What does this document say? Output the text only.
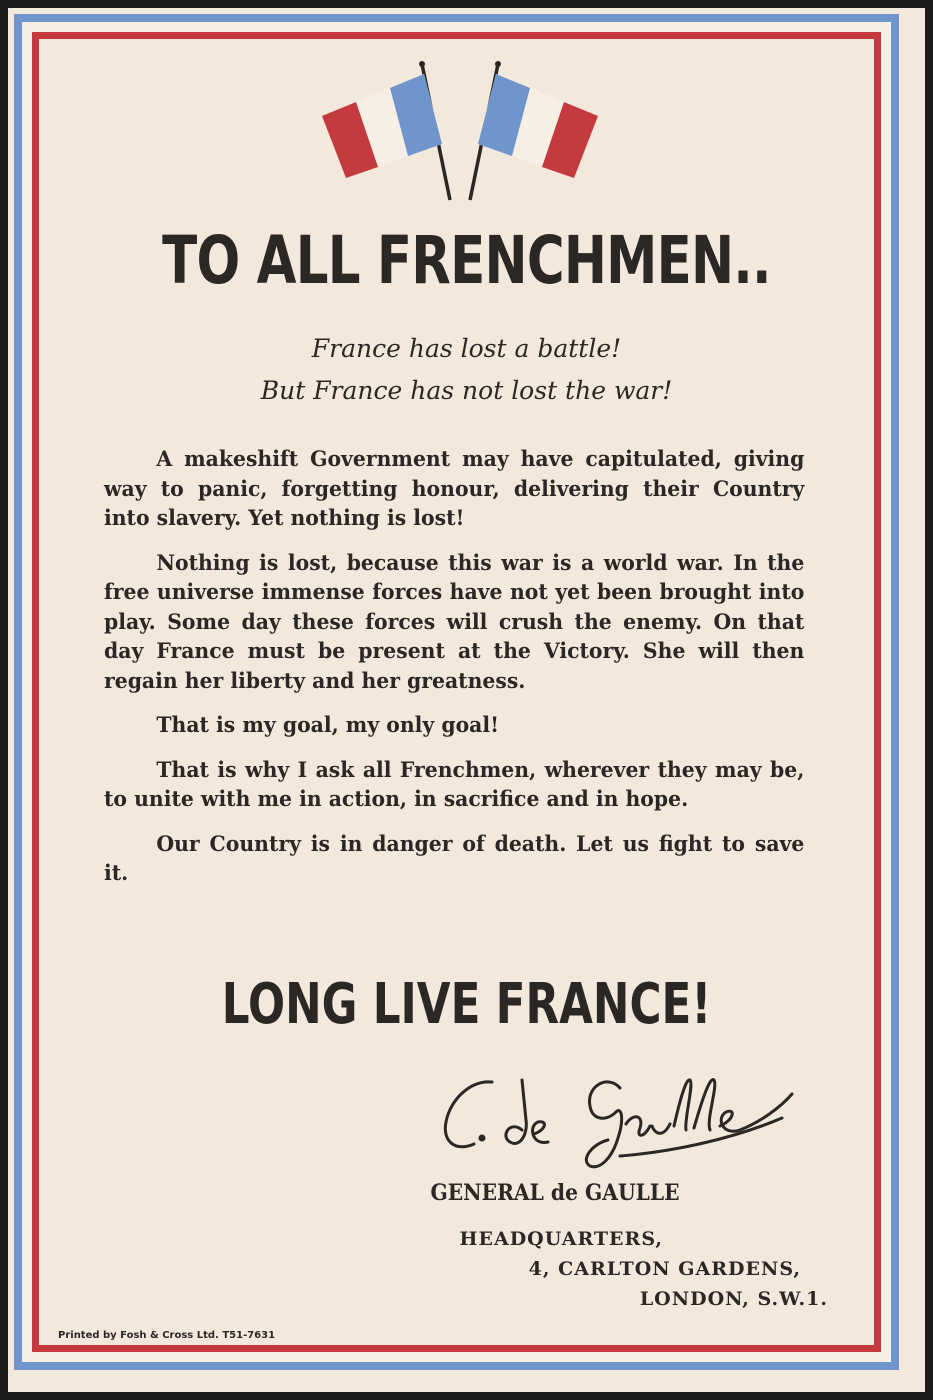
TO ALL FRENCHMEN..
France has lost a battle!
But France has not lost the war!

A makeshift Government may have capitulated, giving way to panic, forgetting honour, delivering their Country into slavery. Yet nothing is lost!

Nothing is lost, because this war is a world war. In the free universe immense forces have not yet been brought into play. Some day these forces will crush the enemy. On that day France must be present at the Victory. She will then regain her liberty and her greatness.

That is my goal, my only goal!

That is why I ask all Frenchmen, wherever they may be, to unite with me in action, in sacrifice and in hope.

Our Country is in danger of death. Let us fight to save it.

LONG LIVE FRANCE!
GENERAL de GAULLE
HEADQUARTERS,
4, CARLTON GARDENS,
LONDON, S.W.1.
Printed by Fosh & Cross Ltd. T51-7631
